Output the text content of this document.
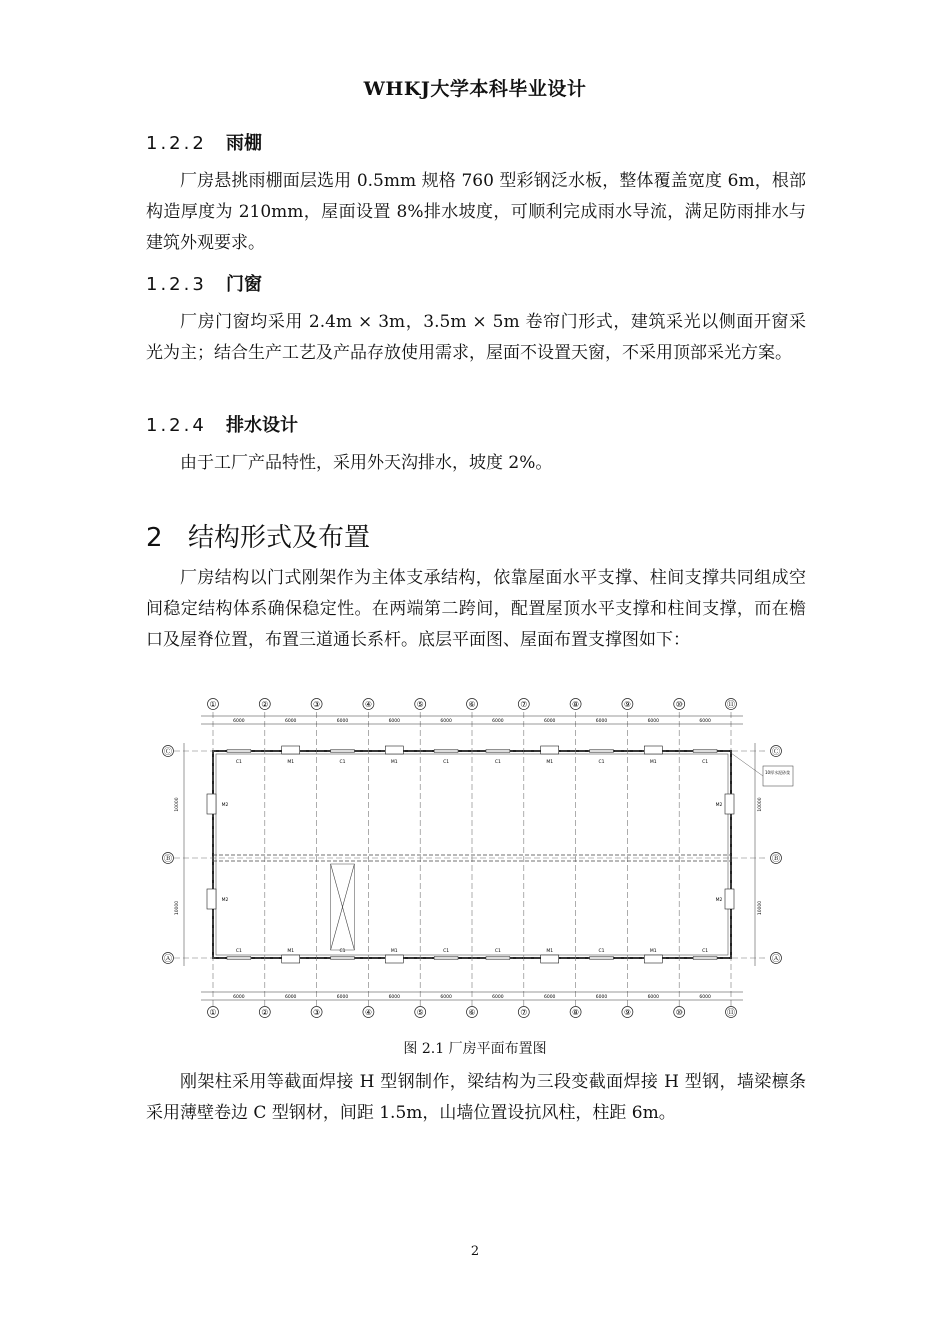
WHKJ大学本科毕业设计
1.2.2 雨棚
厂房悬挑雨棚面层选用 0.5mm 规格 760 型彩钢泛水板，整体覆盖宽度 6m，根部构造厚度为 210mm，屋面设置 8%排水坡度，可顺利完成雨水导流，满足防雨排水与建筑外观要求。
1.2.3 门窗
厂房门窗均采用 2.4m × 3m，3.5m × 5m 卷帘门形式，建筑采光以侧面开窗采光为主；结合生产工艺及产品存放使用需求，屋面不设置天窗，不采用顶部采光方案。
1.2.4 排水设计
由于工厂产品特性，采用外天沟排水，坡度 2%。
2 结构形式及布置
厂房结构以门式刚架作为主体支承结构，依靠屋面水平支撑、柱间支撑共同组成空间稳定结构体系确保稳定性。在两端第二跨间，配置屋顶水平支撑和柱间支撑，而在檐口及屋脊位置，布置三道通长系杆。底层平面图、屋面布置支撑图如下：
①
①
②
②
③
③
④
④
⑤
⑤
⑥
⑥
⑦
⑦
⑧
⑧
⑨
⑨
⑩
⑩
⑪
⑪
Ⓒ	Ⓒ
Ⓑ	Ⓑ
Ⓐ	Ⓐ
6000
6000
6000
6000
6000
6000
6000
6000
6000
6000
6000
6000
6000
6000
6000
6000
6000
6000
6000
6000
10000	10000
10000	10000
C1
C1
M1
M1
C1
C1
M1
M1
C1
C1
C1
C1
M1
M1
C1
C1
M1
M1
C1
C1
M2
M2
M2
M2
10厚水泥砂浆
图 2.1 厂房平面布置图
刚架柱采用等截面焊接 H 型钢制作，梁结构为三段变截面焊接 H 型钢，墙梁檩条采用薄壁卷边 C 型钢材，间距 1.5m，山墙位置设抗风柱，柱距 6m。
2
